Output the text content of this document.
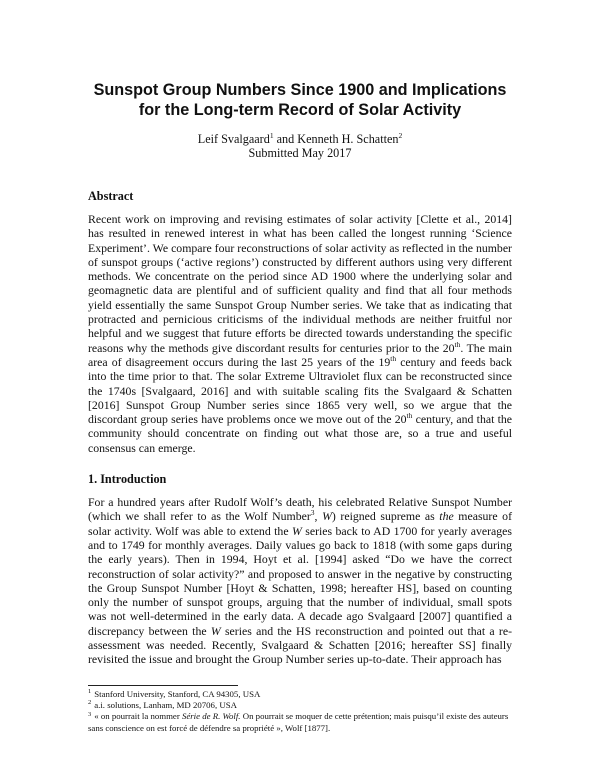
Sunspot Group Numbers Since 1900 and Implications
for the Long-term Record of Solar Activity
Leif Svalgaard$^1$ and Kenneth H. Schatten$^2$
Submitted May 2017
Abstract

Recent work on improving and revising estimates of solar activity [Clette et al., 2014] has resulted in renewed interest in what has been called the longest running ‘Science Experiment’. We compare four reconstructions of solar activity as reflected in the number of sunspot groups (‘active regions’) constructed by different authors using very different methods. We concentrate on the period since AD 1900 where the underlying solar and geomagnetic data are plentiful and of sufficient quality and find that all four methods yield essentially the same Sunspot Group Number series. We take that as indicating that protracted and pernicious criticisms of the individual methods are neither fruitful nor helpful and we suggest that future efforts be directed towards understanding the specific reasons why the methods give discordant results for centuries prior to the 20th. The main area of disagreement occurs during the last 25 years of the 19th century and feeds back into the time prior to that. The solar Extreme Ultraviolet flux can be reconstructed since the 1740s [Svalgaard, 2016] and with suitable scaling fits the Svalgaard & Schatten [2016] Sunspot Group Number series since 1865 very well, so we argue that the discordant group series have problems once we move out of the 20th century, and that the community should concentrate on finding out what those are, so a true and useful consensus can emerge.

1. Introduction

For a hundred years after Rudolf Wolf’s death, his celebrated Relative Sunspot Number (which we shall refer to as the Wolf Number$^3$, W) reigned supreme as the measure of solar activity. Wolf was able to extend the W series back to AD 1700 for yearly averages and to 1749 for monthly averages. Daily values go back to 1818 (with some gaps during the early years). Then in 1994, Hoyt et al. [1994] asked “Do we have the correct reconstruction of solar activity?” and proposed to answer in the negative by constructing the Group Sunspot Number [Hoyt & Schatten, 1998; hereafter HS], based on counting only the number of sunspot groups, arguing that the number of individual, small spots was not well-determined in the early data. A decade ago Svalgaard [2007] quantified a discrepancy between the W series and the HS reconstruction and pointed out that a re-assessment was needed. Recently, Svalgaard & Schatten [2016; hereafter SS] finally revisited the issue and brought the Group Number series up-to-date. Their approach has

$^1$ Stanford University, Stanford, CA 94305, USA
$^2$ a.i. solutions, Lanham, MD 20706, USA
$^3$ « on pourrait la nommer Série de R. Wolf. On pourrait se moquer de cette prétention; mais puisqu’il existe des auteurs sans conscience on est forcé de défendre sa propriété », Wolf [1877].
